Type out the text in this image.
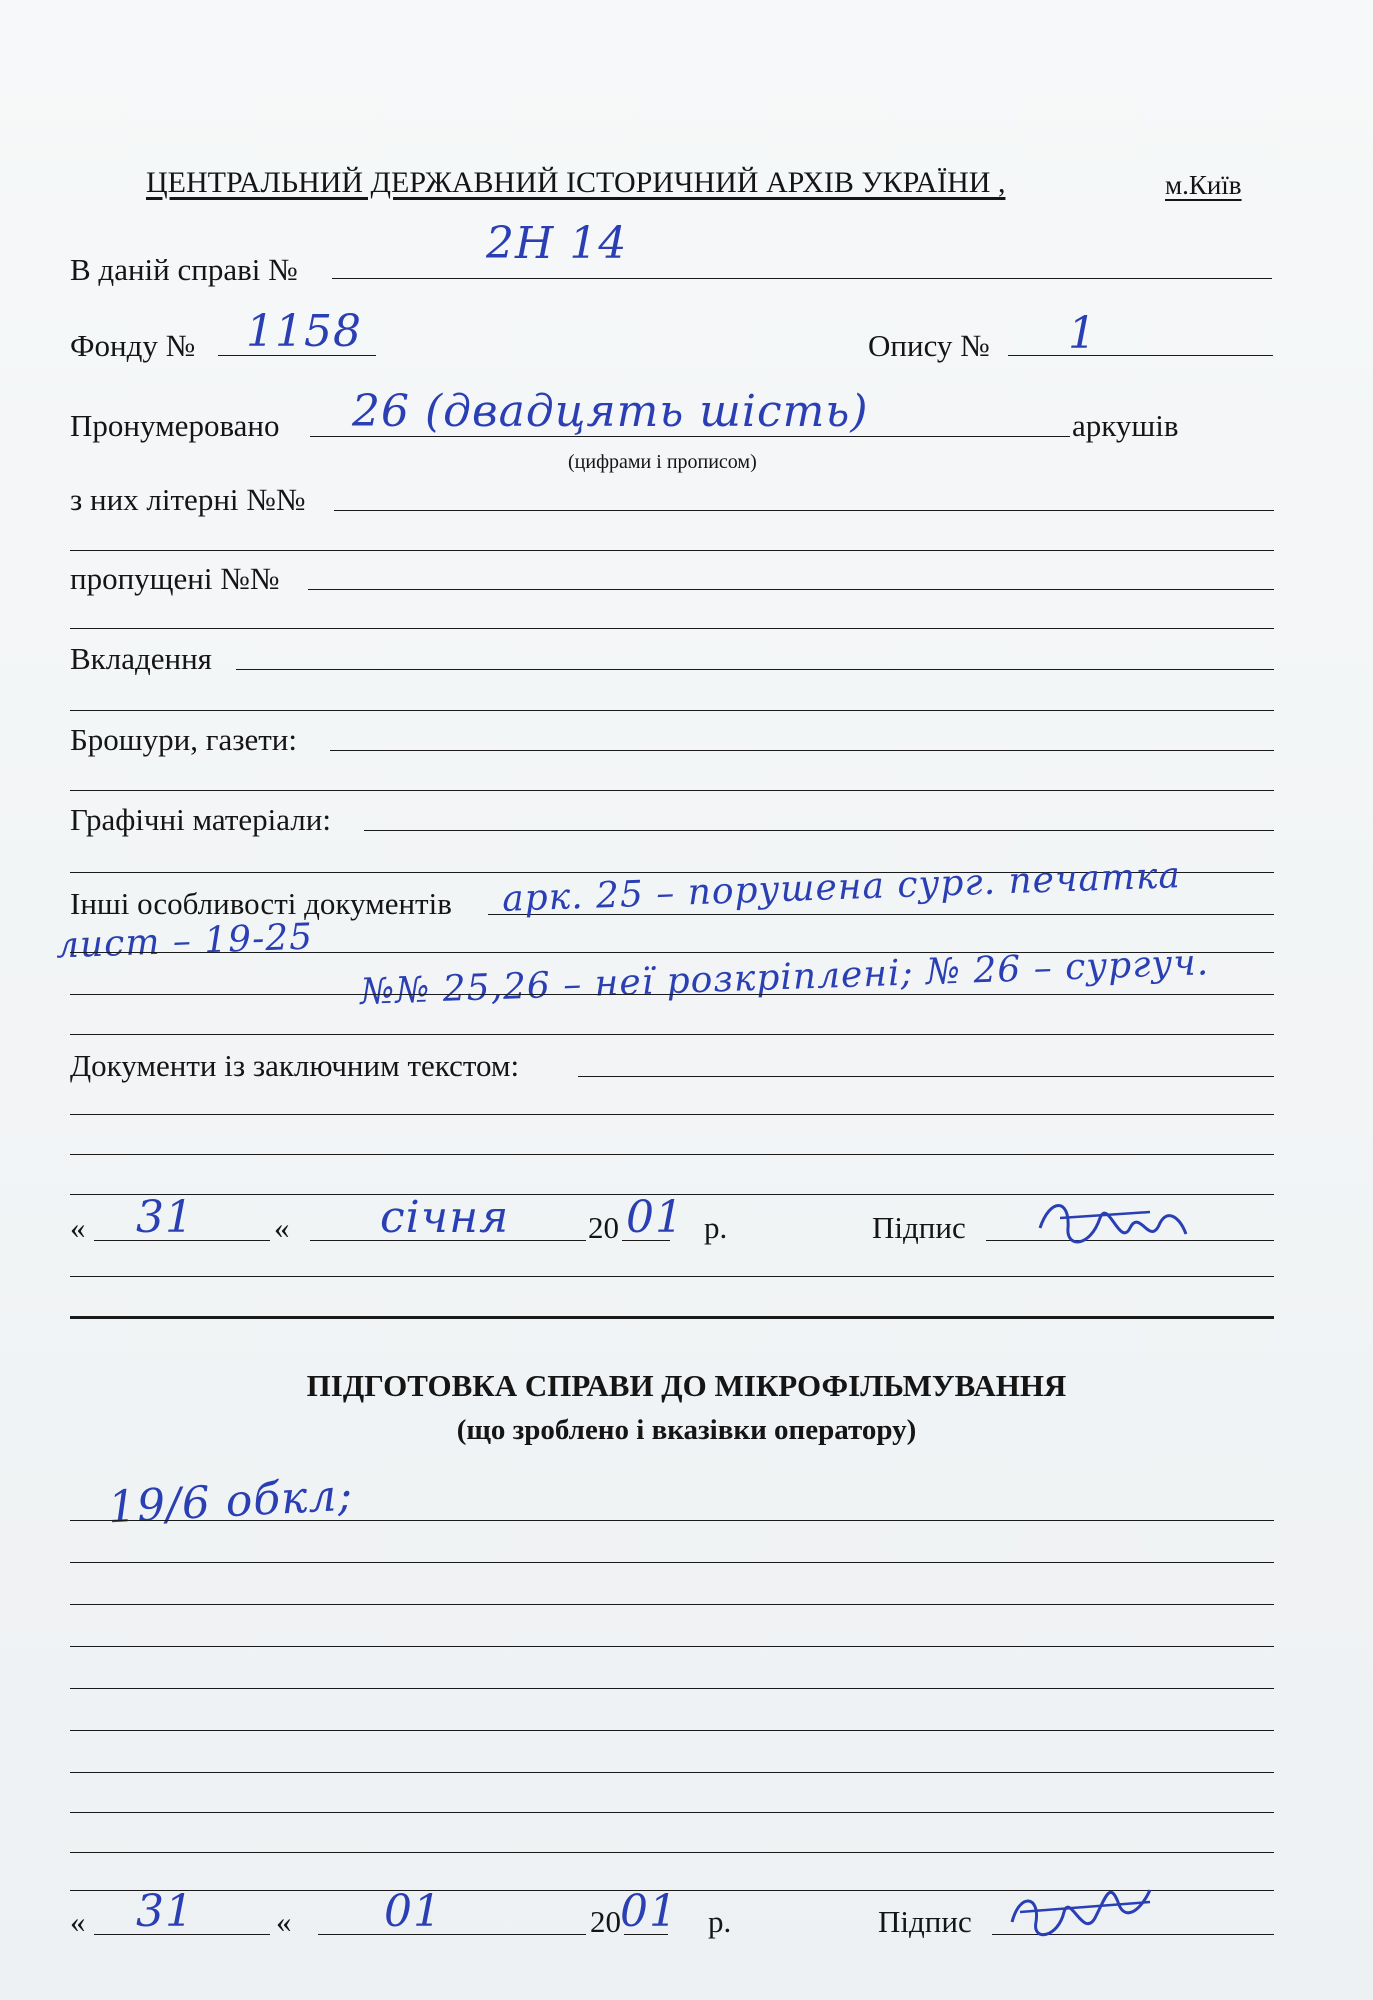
ЦЕНТРАЛЬНИЙ ДЕРЖАВНИЙ ІСТОРИЧНИЙ АРХІВ УКРАЇНИ ,	м.Київ
В даній справі №
2Н 14
Фонду № 1158	Опису № 1
Пронумеровано 26 (двадцять шість)
(цифрами і прописом)
аркушів
з них літерні №№
пропущені №№
Вкладення
Брошури, газети:
Графічні матеріали:
Інші особливості документів арк. 25 – порушена сург. печатка
лист – 19-25
№№ 25,26 – неї розкріплені; № 26 – сургуч.
Документи із заключним текстом:
« 31	« січня	20 01 р.	Підпис
ПІДГОТОВКА СПРАВИ ДО МІКРОФІЛЬМУВАННЯ
(що зроблено і вказівки оператору)
19/6 обкл;
« 31	« 01	20 01 р.	Підпис
